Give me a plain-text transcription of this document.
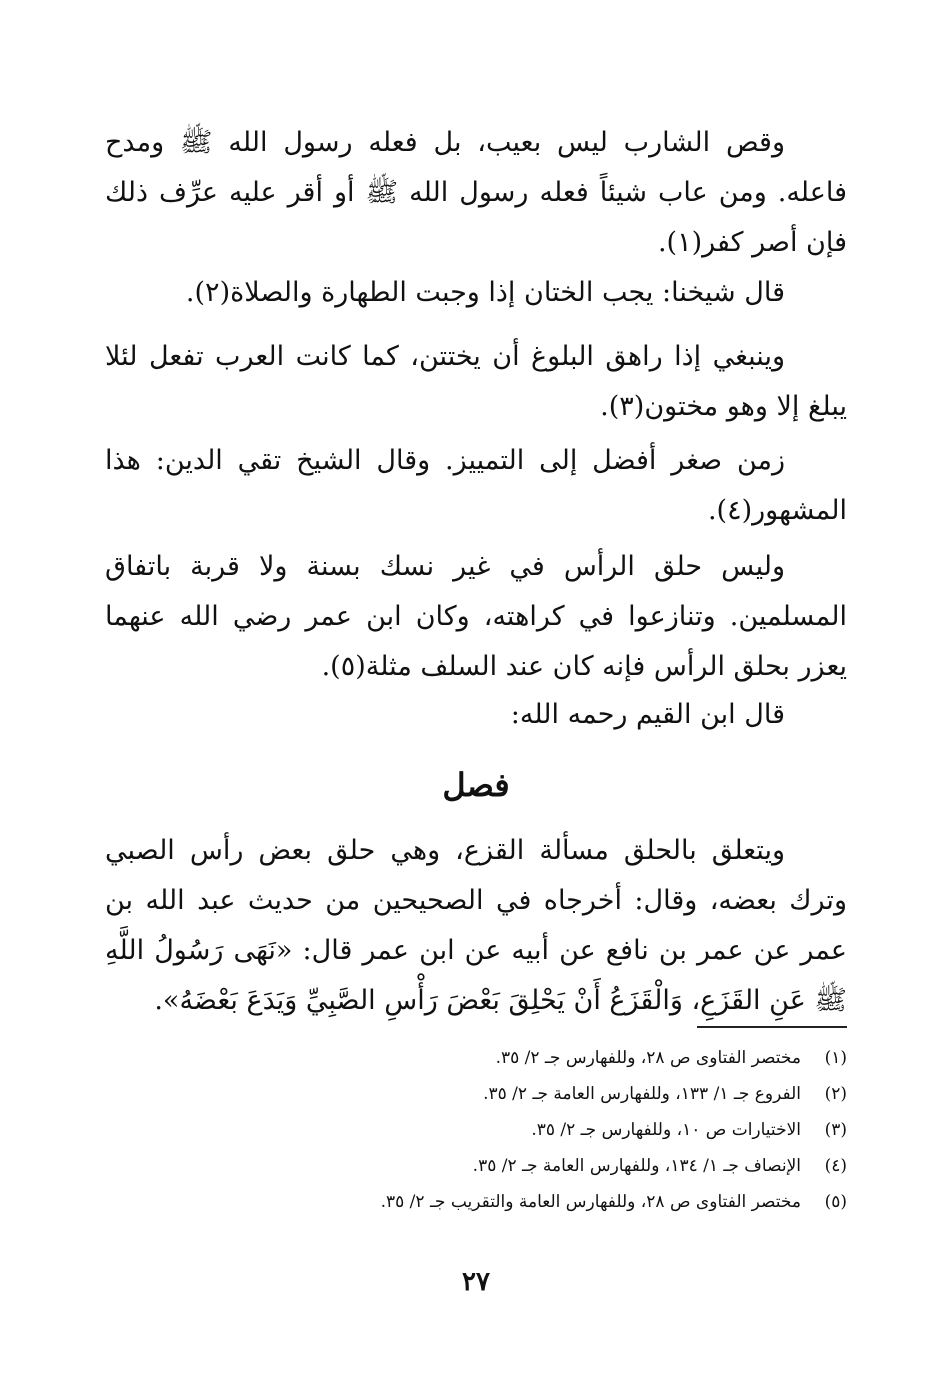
وقص الشارب ليس بعيب، بل فعله رسول الله ﷺ ومدح فاعله. ومن عاب شيئاً فعله رسول الله ﷺ أو أقر عليه عرِّف ذلك فإن أصر كفر(١).

قال شيخنا: يجب الختان إذا وجبت الطهارة والصلاة(٢).

وينبغي إذا راهق البلوغ أن يختتن، كما كانت العرب تفعل لئلا يبلغ إلا وهو مختون(٣).

زمن صغر أفضل إلى التمييز. وقال الشيخ تقي الدين: هذا المشهور(٤).

وليس حلق الرأس في غير نسك بسنة ولا قربة باتفاق المسلمين. وتنازعوا في كراهته، وكان ابن عمر رضي الله عنهما يعزر بحلق الرأس فإنه كان عند السلف مثلة(٥).

قال ابن القيم رحمه الله:

فصل

ويتعلق بالحلق مسألة القزع، وهي حلق بعض رأس الصبي وترك بعضه، وقال: أخرجاه في الصحيحين من حديث عبد الله بن عمر عن عمر بن نافع عن أبيه عن ابن عمر قال: «نَهَى رَسُولُ اللَّهِ ﷺ عَنِ القَزَعِ، وَالْقَزَعُ أَنْ يَحْلِقَ بَعْضَ رَأْسِ الصَّبِيِّ وَيَدَعَ بَعْضَهُ».

(١)مختصر الفتاوى ص ٢٨، وللفهارس جـ ٢/ ٣٥.
(٢)الفروع جـ ١/ ١٣٣، وللفهارس العامة جـ ٢/ ٣٥.
(٣)الاختيارات ص ١٠، وللفهارس جـ ٢/ ٣٥.
(٤)الإنصاف جـ ١/ ١٣٤، وللفهارس العامة جـ ٢/ ٣٥.
(٥)مختصر الفتاوى ص ٢٨، وللفهارس العامة والتقريب جـ ٢/ ٣٥.
٢٧
